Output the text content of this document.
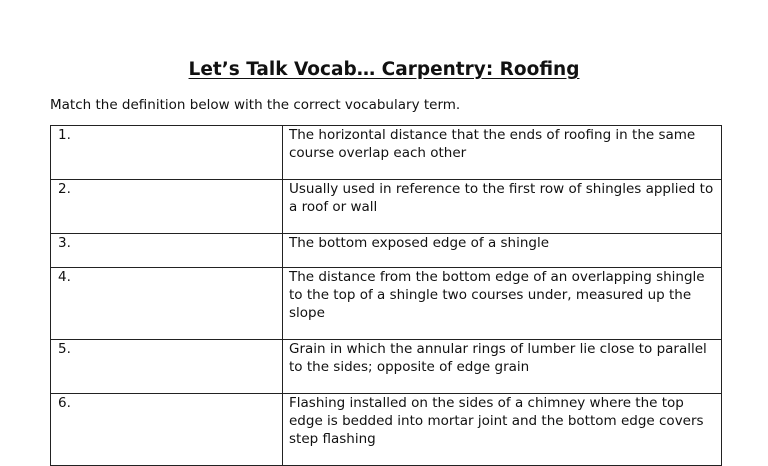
Let’s Talk Vocab… Carpentry: Roofing
Match the definition below with the correct vocabulary term.
1.	The horizontal distance that the ends of roofing in the same course overlap each other
2.	Usually used in reference to the first row of shingles applied to a roof or wall
3.	The bottom exposed edge of a shingle
4.	The distance from the bottom edge of an overlapping shingle to the top of a shingle two courses under, measured up the slope
5.	Grain in which the annular rings of lumber lie close to parallel to the sides; opposite of edge grain
6.	Flashing installed on the sides of a chimney where the top edge is bedded into mortar joint and the bottom edge covers step flashing
